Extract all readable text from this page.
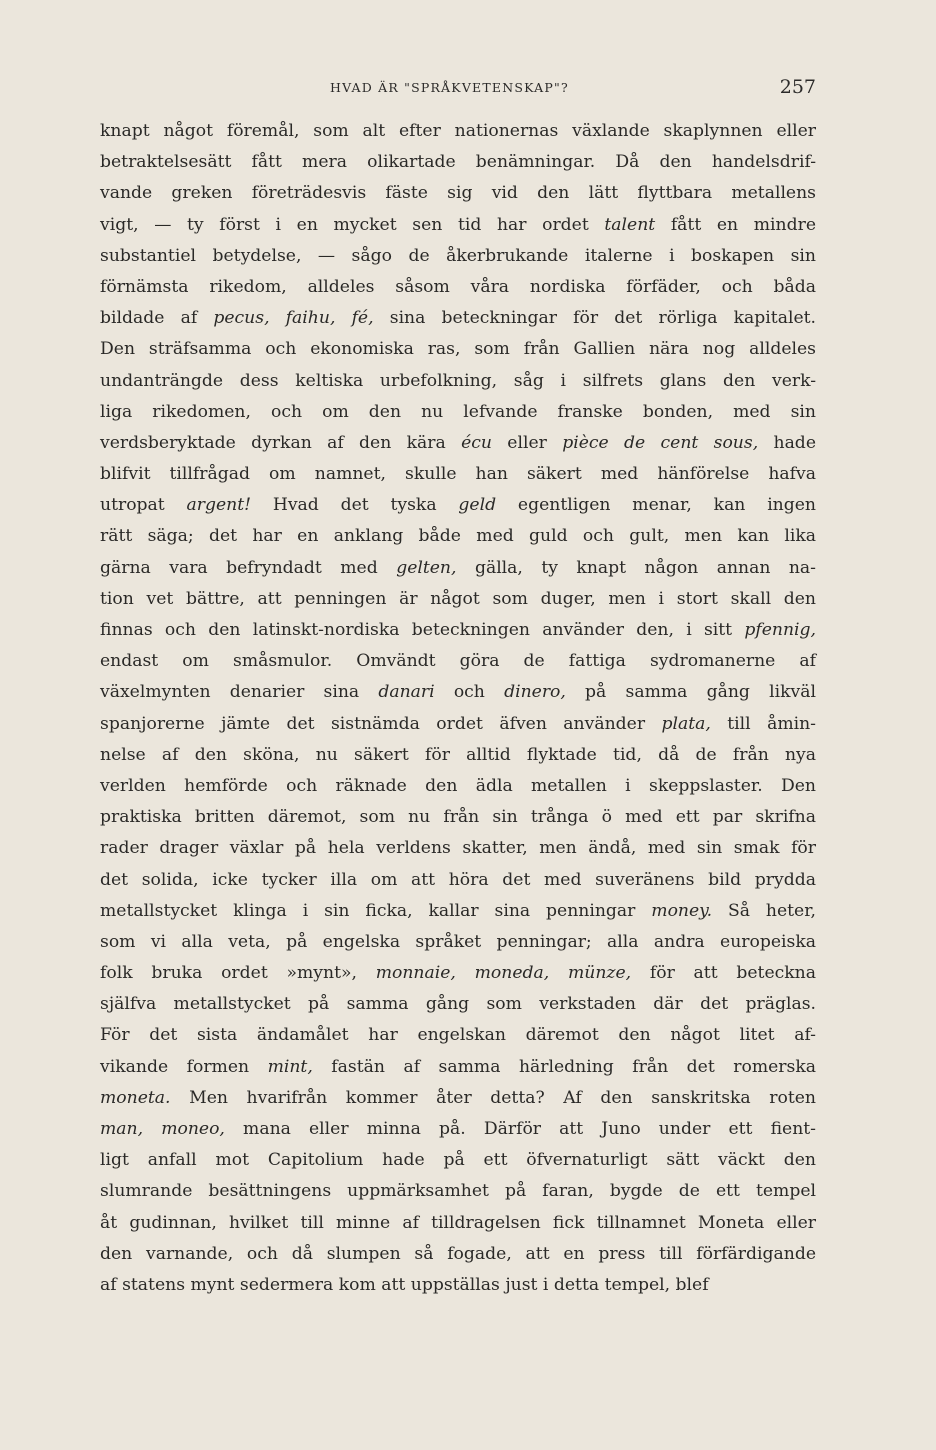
HVAD ÄR "SPRÅKVETENSKAP"?	257
knapt något föremål, som alt efter nationernas växlande skaplynnen eller
betraktelsesätt fått mera olikartade benämningar. Då den handelsdrif-
vande greken företrädesvis fäste sig vid den lätt flyttbara metallens
vigt, — ty först i en mycket sen tid har ordet talent fått en mindre
substantiel betydelse, — sågo de åkerbrukande italerne i boskapen sin
förnämsta rikedom, alldeles såsom våra nordiska förfäder, och båda
bildade af pecus, faihu, fé, sina beteckningar för det rörliga kapitalet.
Den sträfsamma och ekonomiska ras, som från Gallien nära nog alldeles
undanträngde dess keltiska urbefolkning, såg i silfrets glans den verk-
liga rikedomen, och om den nu lefvande franske bonden, med sin
verdsberyktade dyrkan af den kära écu eller pièce de cent sous, hade
blifvit tillfrågad om namnet, skulle han säkert med hänförelse hafva
utropat argent! Hvad det tyska geld egentligen menar, kan ingen
rätt säga; det har en anklang både med guld och gult, men kan lika
gärna vara befryndadt med gelten, gälla, ty knapt någon annan na-
tion vet bättre, att penningen är något som duger, men i stort skall den
finnas och den latinskt-nordiska beteckningen använder den, i sitt pfennig,
endast om småsmulor. Omvändt göra de fattiga sydromanerne af
växelmynten denarier sina danari och dinero, på samma gång likväl
spanjorerne jämte det sistnämda ordet äfven använder plata, till åmin-
nelse af den sköna, nu säkert för alltid flyktade tid, då de från nya
verlden hemförde och räknade den ädla metallen i skeppslaster. Den
praktiska britten däremot, som nu från sin trånga ö med ett par skrifna
rader drager växlar på hela verldens skatter, men ändå, med sin smak för
det solida, icke tycker illa om att höra det med suveränens bild prydda
metallstycket klinga i sin ficka, kallar sina penningar money. Så heter,
som vi alla veta, på engelska språket penningar; alla andra europeiska
folk bruka ordet »mynt», monnaie, moneda, münze, för att beteckna
själfva metallstycket på samma gång som verkstaden där det präglas.
För det sista ändamålet har engelskan däremot den något litet af-
vikande formen mint, fastän af samma härledning från det romerska
moneta. Men hvarifrån kommer åter detta? Af den sanskritska roten
man, moneo, mana eller minna på. Därför att Juno under ett fient-
ligt anfall mot Capitolium hade på ett öfvernaturligt sätt väckt den
slumrande besättningens uppmärksamhet på faran, bygde de ett tempel
åt gudinnan, hvilket till minne af tilldragelsen fick tillnamnet Moneta eller
den varnande, och då slumpen så fogade, att en press till förfärdigande
af statens mynt sedermera kom att uppställas just i detta tempel, blef
